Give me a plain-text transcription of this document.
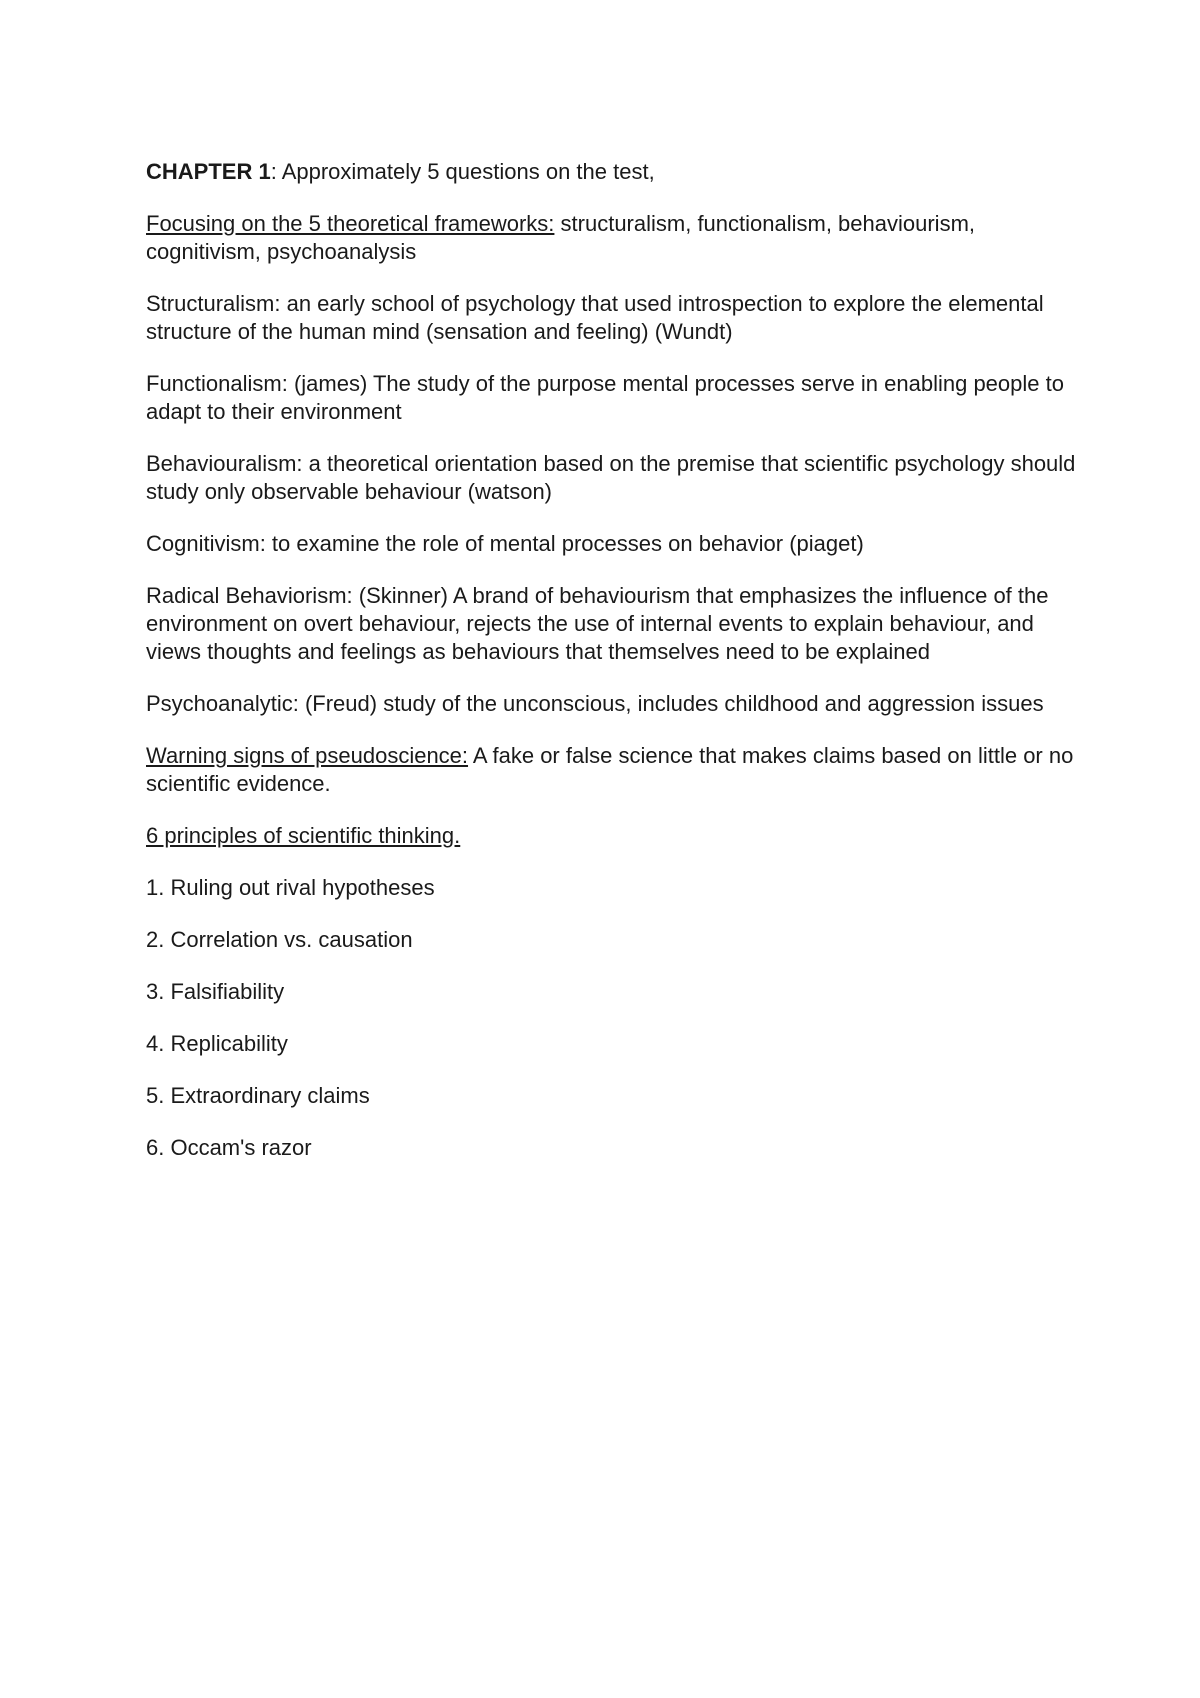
CHAPTER 1: Approximately 5 questions on the test,

Focusing on the 5 theoretical frameworks: structuralism, functionalism, behaviourism, cognitivism, psychoanalysis

Structuralism: an early school of psychology that used introspection to explore the elemental structure of the human mind (sensation and feeling) (Wundt)

Functionalism: (james) The study of the purpose mental processes serve in enabling people to adapt to their environment

Behaviouralism: a theoretical orientation based on the premise that scientific psychology should study only observable behaviour (watson)

Cognitivism: to examine the role of mental processes on behavior (piaget)

Radical Behaviorism: (Skinner) A brand of behaviourism that emphasizes the influence of the environment on overt behaviour, rejects the use of internal events to explain behaviour, and views thoughts and feelings as behaviours that themselves need to be explained

Psychoanalytic: (Freud) study of the unconscious, includes childhood and aggression issues

Warning signs of pseudoscience: A fake or false science that makes claims based on little or no scientific evidence.

6 principles of scientific thinking.

1. Ruling out rival hypotheses

2. Correlation vs. causation

3. Falsifiability

4. Replicability

5. Extraordinary claims

6. Occam's razor
